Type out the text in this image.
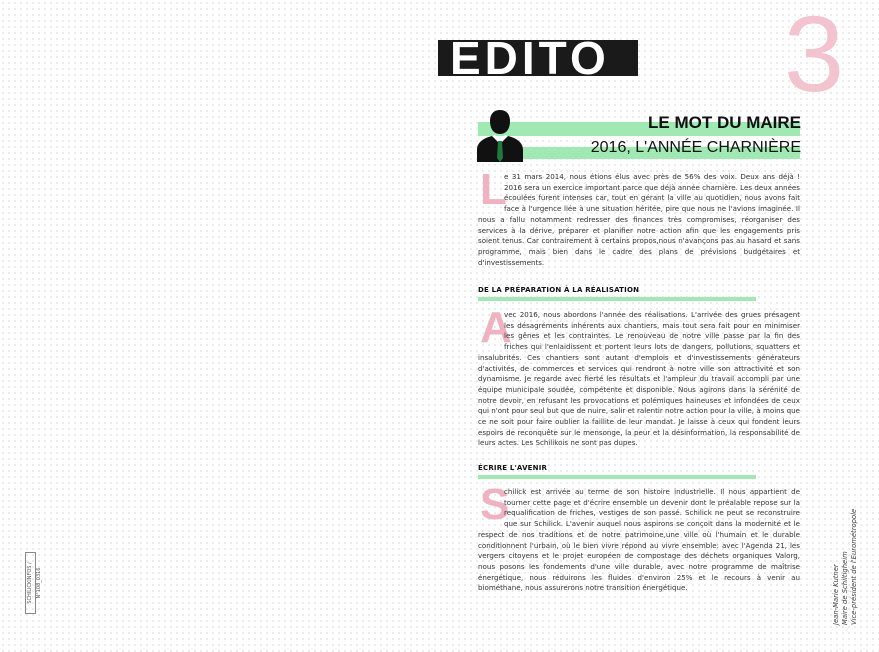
3
EDITO
LE MOT DU MAIRE
2016, L'ANNÉE CHARNIÈRE
L
e 31 mars 2014, nous étions élus avec près de 56% des voix. Deux ans déjà ! 2016 sera un exercice important parce que déjà année charnière. Les deux années écoulées furent intenses car, tout en gérant la ville au quotidien, nous avons fait face à l'urgence liée à une situation héritée, pire que nous ne l'avions imaginée. Il nous a fallu notamment redresser des finances très compromises, réorganiser des services à la dérive, préparer et planifier notre action afin que les engagements pris soient tenus. Car contrairement à certains propos,nous n'avançons pas au hasard et sans programme, mais bien dans le cadre des plans de prévisions budgétaires et d'investissements.
DE LA PRÉPARATION À LA RÉALISATION
A
vec 2016, nous abordons l'année des réalisations. L'arrivée des grues présagent les désagréments inhérents aux chantiers, mais tout sera fait pour en minimiser les gênes et les contraintes. Le renouveau de notre ville passe par la fin des friches qui l'enlaidissent et portent leurs lots de dangers, pollutions, squatters et insalubrités. Ces chantiers sont autant d'emplois et d'investissements générateurs d'activités, de commerces et services qui rendront à notre ville son attractivité et son dynamisme. Je regarde avec fierté les résultats et l'ampleur du travail accompli par une équipe municipale soudée, compétente et disponible. Nous agirons dans la sérénité de notre devoir, en refusant les provocations et polémiques haineuses et infondées de ceux qui n'ont pour seul but que de nuire, salir et ralentir notre action pour la ville, à moins que ce ne soit pour faire oublier la faillite de leur mandat. Je laisse à ceux qui fondent leurs espoirs de reconquête sur le mensonge, la peur et la désinformation, la responsabilité de leurs actes. Les Schilikois ne sont pas dupes.
ÉCRIRE L'AVENIR
S
chilick est arrivée au terme de son histoire industrielle. Il nous appartient de tourner cette page et d'écrire ensemble un devenir dont le préalable repose sur la requalification de friches, vestiges de son passé. Schilick ne peut se reconstruire que sur Schilick. L'avenir auquel nous aspirons se conçoit dans la modernité et le respect de nos traditions et de notre patrimoine,une ville où l'humain et le durable conditionnent l'urbain, où le bien vivre répond au vivre ensemble: avec l'Agenda 21, les vergers citoyens et le projet européen de compostage des déchets organiques Valorg, nous posons les fondements d'une ville durable, avec notre programme de maîtrise énergétique, nous réduirons les fluides d'environ 25% et le recours à venir au biométhane, nous assurerons notre transition énergétique.	Jean-Marie Kutner Maire de Schiltigheim Vice-président de l'Eurométropole
SCHILICKINFOS / N°108_0316
